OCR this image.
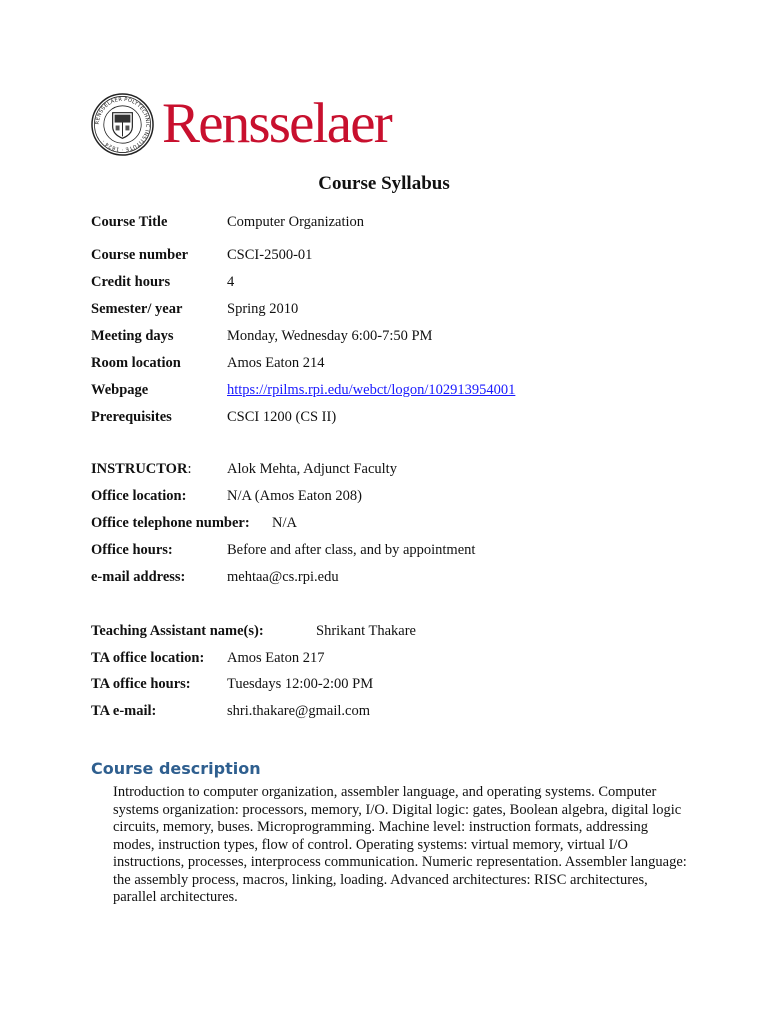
RENSSELAER POLYTECHNIC INSTITUTE · 1824 · Rensselaer
Course Syllabus
Course Title	Computer Organization
Course number	CSCI-2500-01
Credit hours	4
Semester/ year	Spring 2010
Meeting days	Monday, Wednesday 6:00-7:50 PM
Room location	Amos Eaton 214
Webpage	https://rpilms.rpi.edu/webct/logon/102913954001
Prerequisites	CSCI 1200 (CS II)
INSTRUCTOR: Alok Mehta, Adjunct Faculty
Office location:	N/A (Amos Eaton 208)
Office telephone number: N/A
Office hours:	Before and after class, and by appointment
e-mail address:	mehtaa@cs.rpi.edu
Teaching Assistant name(s):	Shrikant Thakare
TA office location: Amos Eaton 217
TA office hours:	Tuesdays 12:00-2:00 PM
TA e-mail:	shri.thakare@gmail.com
Course description

Introduction to computer organization, assembler language, and operating systems. Computer systems organization: processors, memory, I/O. Digital logic: gates, Boolean algebra, digital logic circuits, memory, buses. Microprogramming. Machine level: instruction formats, addressing modes, instruction types, flow of control. Operating systems: virtual memory, virtual I/O instructions, processes, interprocess communication. Numeric representation. Assembler language: the assembly process, macros, linking, loading. Advanced architectures: RISC architectures, parallel architectures.
